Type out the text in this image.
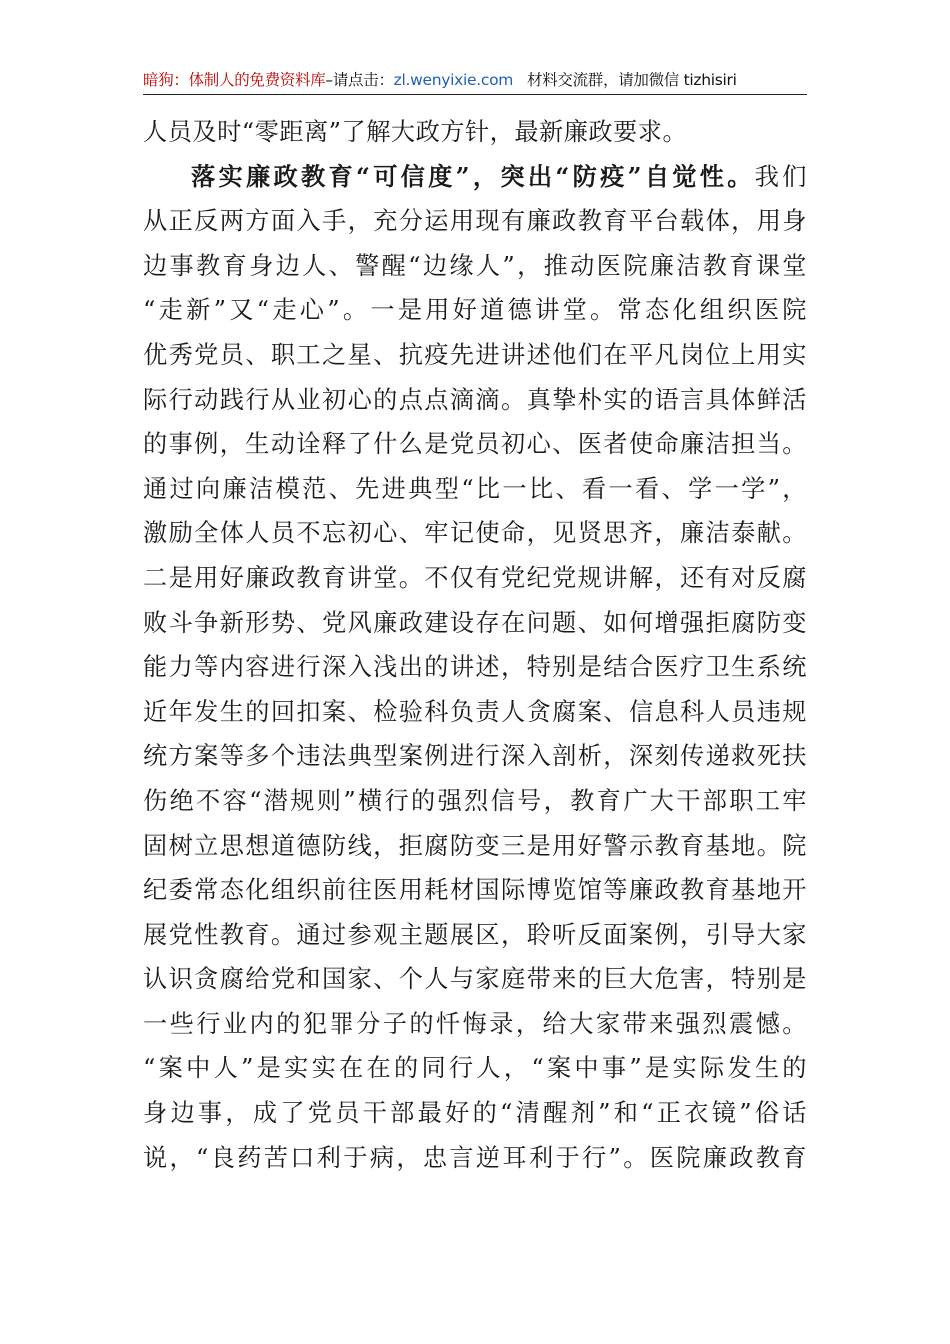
暗狗：体制人的免费资料库–请点击：zl.wenyixie.com 材料交流群，请加微信 tizhisiri
人员及时“零距离”了解大政方针，最新廉政要求。
落实廉政教育“可信度”，突出“防疫”自觉性。我们
从正反两方面入手，充分运用现有廉政教育平台载体，用身
边事教育身边人、警醒“边缘人”，推动医院廉洁教育课堂
“走新”又“走心”。一是用好道德讲堂。常态化组织医院
优秀党员、职工之星、抗疫先进讲述他们在平凡岗位上用实
际行动践行从业初心的点点滴滴。真挚朴实的语言具体鲜活
的事例，生动诠释了什么是党员初心、医者使命廉洁担当。
通过向廉洁模范、先进典型“比一比、看一看、学一学”，
激励全体人员不忘初心、牢记使命，见贤思齐，廉洁泰献。
二是用好廉政教育讲堂。不仅有党纪党规讲解，还有对反腐
败斗争新形势、党风廉政建设存在问题、如何增强拒腐防变
能力等内容进行深入浅出的讲述，特别是结合医疗卫生系统
近年发生的回扣案、检验科负责人贪腐案、信息科人员违规
统方案等多个违法典型案例进行深入剖析，深刻传递救死扶
伤绝不容“潜规则”横行的强烈信号，教育广大干部职工牢
固树立思想道德防线，拒腐防变三是用好警示教育基地。院
纪委常态化组织前往医用耗材国际博览馆等廉政教育基地开
展党性教育。通过参观主题展区，聆听反面案例，引导大家
认识贪腐给党和国家、个人与家庭带来的巨大危害，特别是
一些行业内的犯罪分子的忏悔录，给大家带来强烈震憾。
“案中人”是实实在在的同行人，“案中事”是实际发生的
身边事，成了党员干部最好的“清醒剂”和“正衣镜”俗话
说，“良药苦口利于病，忠言逆耳利于行”。医院廉政教育
